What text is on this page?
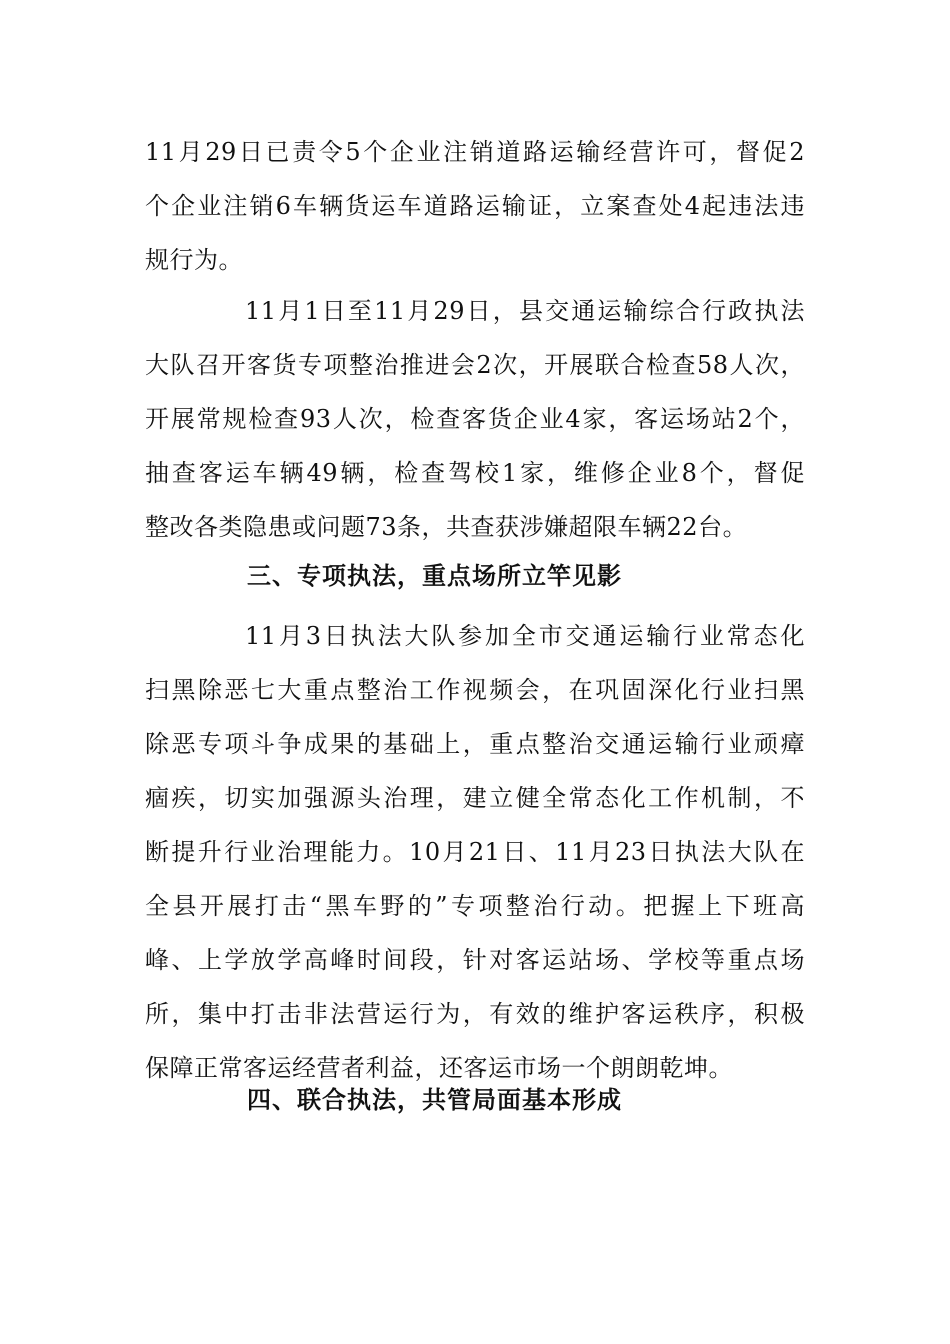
11月29日已责令5个企业注销道路运输经营许可，督促2
个企业注销6车辆货运车道路运输证，立案查处4起违法违
规行为。
11月1日至11月29日，县交通运输综合行政执法
大队召开客货专项整治推进会2次，开展联合检查58人次，
开展常规检查93人次，检查客货企业4家，客运场站2个，
抽查客运车辆49辆，检查驾校1家，维修企业8个，督促
整改各类隐患或问题73条，共查获涉嫌超限车辆22台。
三、专项执法，重点场所立竿见影
11月3日执法大队参加全市交通运输行业常态化
扫黑除恶七大重点整治工作视频会，在巩固深化行业扫黑
除恶专项斗争成果的基础上，重点整治交通运输行业顽瘴
痼疾，切实加强源头治理，建立健全常态化工作机制，不
断提升行业治理能力。10月21日、11月23日执法大队在
全县开展打击“黑车野的”专项整治行动。把握上下班高
峰、上学放学高峰时间段，针对客运站场、学校等重点场
所，集中打击非法营运行为，有效的维护客运秩序，积极
保障正常客运经营者利益，还客运市场一个朗朗乾坤。
四、联合执法，共管局面基本形成
